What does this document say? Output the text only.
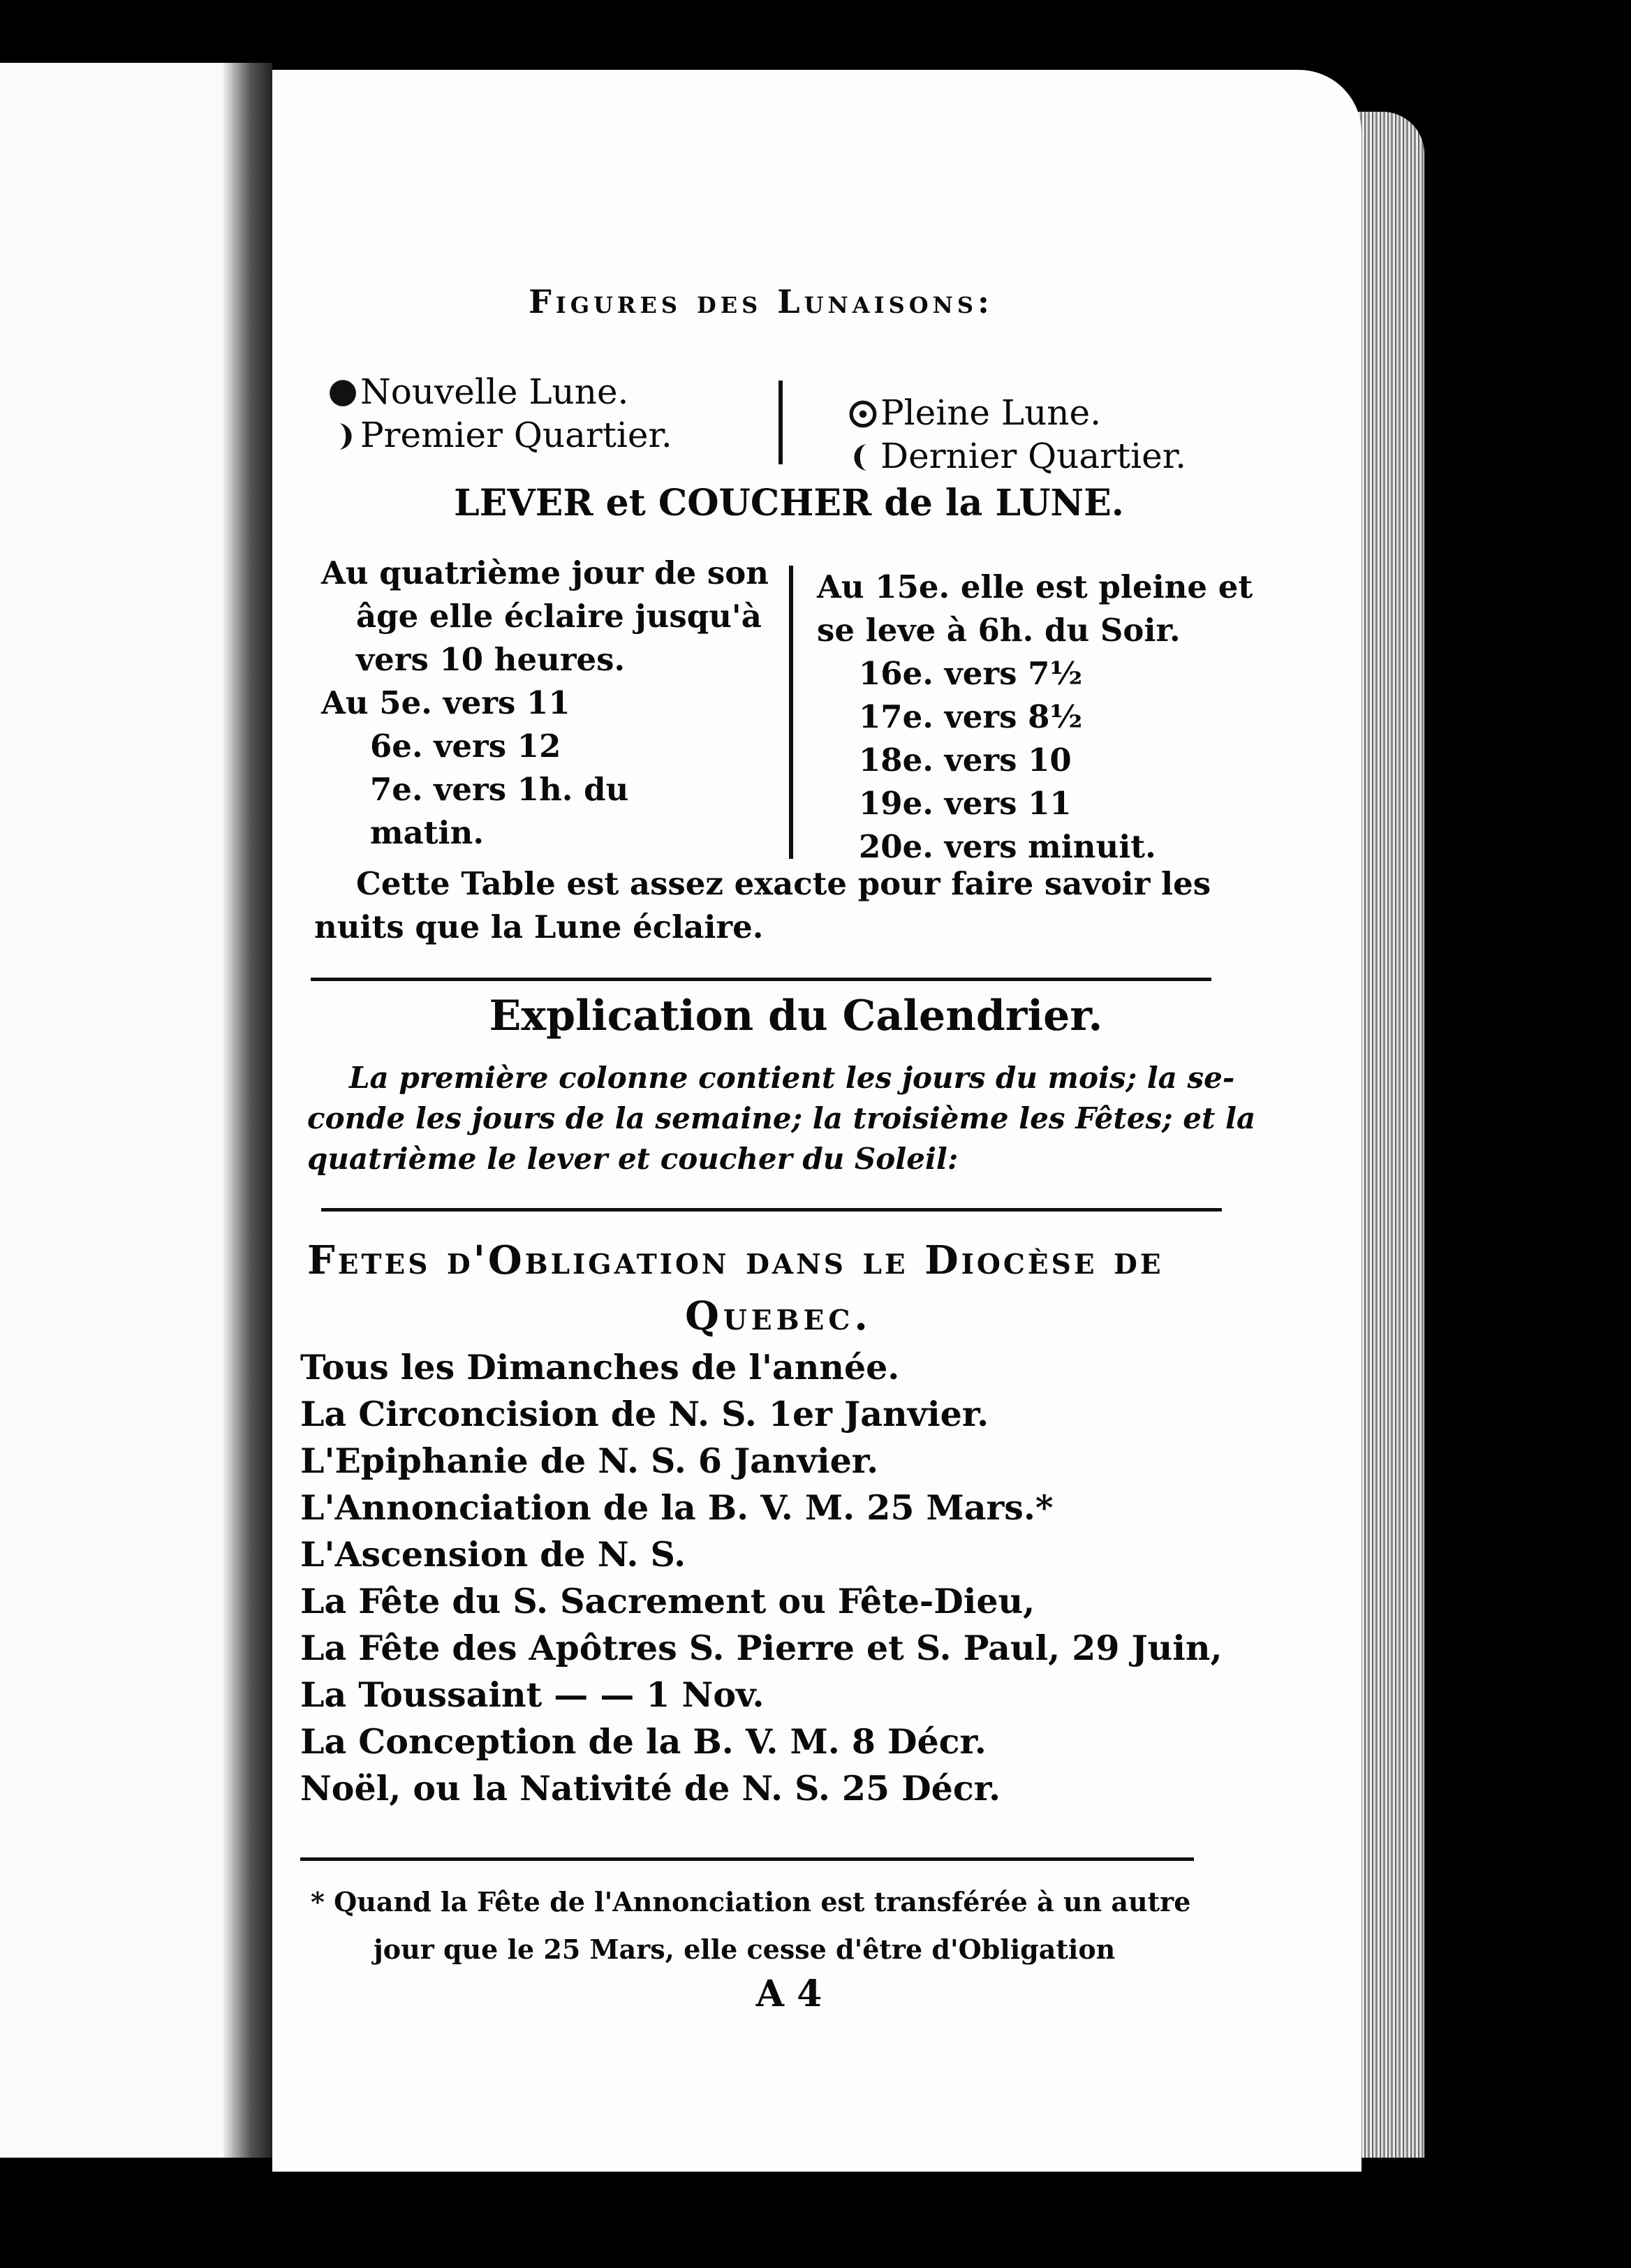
Figures des Lunaisons:
Nouvelle Lune.
Premier Quartier.
Pleine Lune.
Dernier Quartier.
LEVER et COUCHER de la LUNE.
Au quatrième jour de son
âge elle éclaire jusqu'à
vers 10 heures.
Au 5e. vers 11
6e. vers 12
7e. vers 1h. du
matin.
Au 15e. elle est pleine et
se leve à 6h. du Soir.
16e. vers 7½
17e. vers 8½
18e. vers 10
19e. vers 11
20e. vers minuit.
Cette Table est assez exacte pour faire savoir les
nuits que la Lune éclaire.
Explication du Calendrier.
La première colonne contient les jours du mois; la se-
conde les jours de la semaine; la troisième les Fêtes; et la
quatrième le lever et coucher du Soleil:
Fetes d'Obligation dans le Diocèse de
Quebec.
Tous les Dimanches de l'année.
La Circoncision de N. S. 1er Janvier.
L'Epiphanie de N. S. 6 Janvier.
L'Annonciation de la B. V. M. 25 Mars.*
L'Ascension de N. S.
La Fête du S. Sacrement ou Fête-Dieu,
La Fête des Apôtres S. Pierre et S. Paul, 29 Juin,
La Toussaint — — 1 Nov.
La Conception de la B. V. M. 8 Décr.
Noël, ou la Nativité de N. S. 25 Décr.
* Quand la Fête de l'Annonciation est transférée à un autre
jour que le 25 Mars, elle cesse d'être d'Obligation
A 4
